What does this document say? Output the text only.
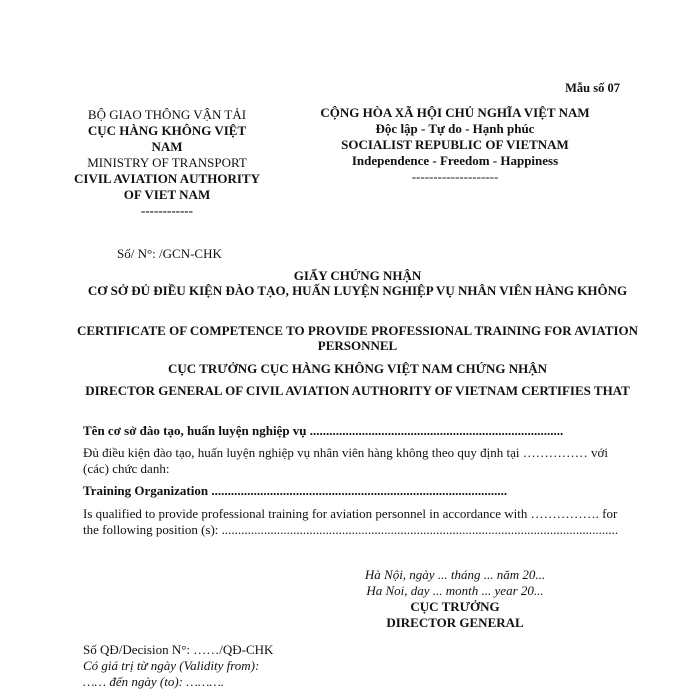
Mẫu số 07
BỘ GIAO THÔNG VẬN TẢI
CỤC HÀNG KHÔNG VIỆT NAM
MINISTRY OF TRANSPORT
CIVIL AVIATION AUTHORITY OF VIET NAM
------------
CỘNG HÒA XÃ HỘI CHỦ NGHĨA VIỆT NAM
Độc lập - Tự do - Hạnh phúc
SOCIALIST REPUBLIC OF VIETNAM
Independence - Freedom - Happiness
--------------------
Số/ N°: /GCN-CHK
GIẤY CHỨNG NHẬN
CƠ SỞ ĐỦ ĐIỀU KIỆN ĐÀO TẠO, HUẤN LUYỆN NGHIỆP VỤ NHÂN VIÊN HÀNG KHÔNG
CERTIFICATE OF COMPETENCE TO PROVIDE PROFESSIONAL TRAINING FOR AVIATION PERSONNEL
CỤC TRƯỞNG CỤC HÀNG KHÔNG VIỆT NAM CHỨNG NHẬN
DIRECTOR GENERAL OF CIVIL AVIATION AUTHORITY OF VIETNAM CERTIFIES THAT
Tên cơ sở đào tạo, huấn luyện nghiệp vụ ..............................................................................
Đủ điều kiện đào tạo, huấn luyện nghiệp vụ nhân viên hàng không theo quy định tại …………… với (các) chức danh:
Training Organization ...........................................................................................
Is qualified to provide professional training for aviation personnel in accordance with ……………. for the following position (s): ..........................................................................................................................
Hà Nội, ngày ... tháng ... năm 20...
Ha Noi, day ... month ... year 20...
CỤC TRƯỞNG
DIRECTOR GENERAL
Số QĐ/Decision N°: ……/QĐ-CHK
Có giá trị từ ngày (Validity from):
…… đến ngày (to): ……….
